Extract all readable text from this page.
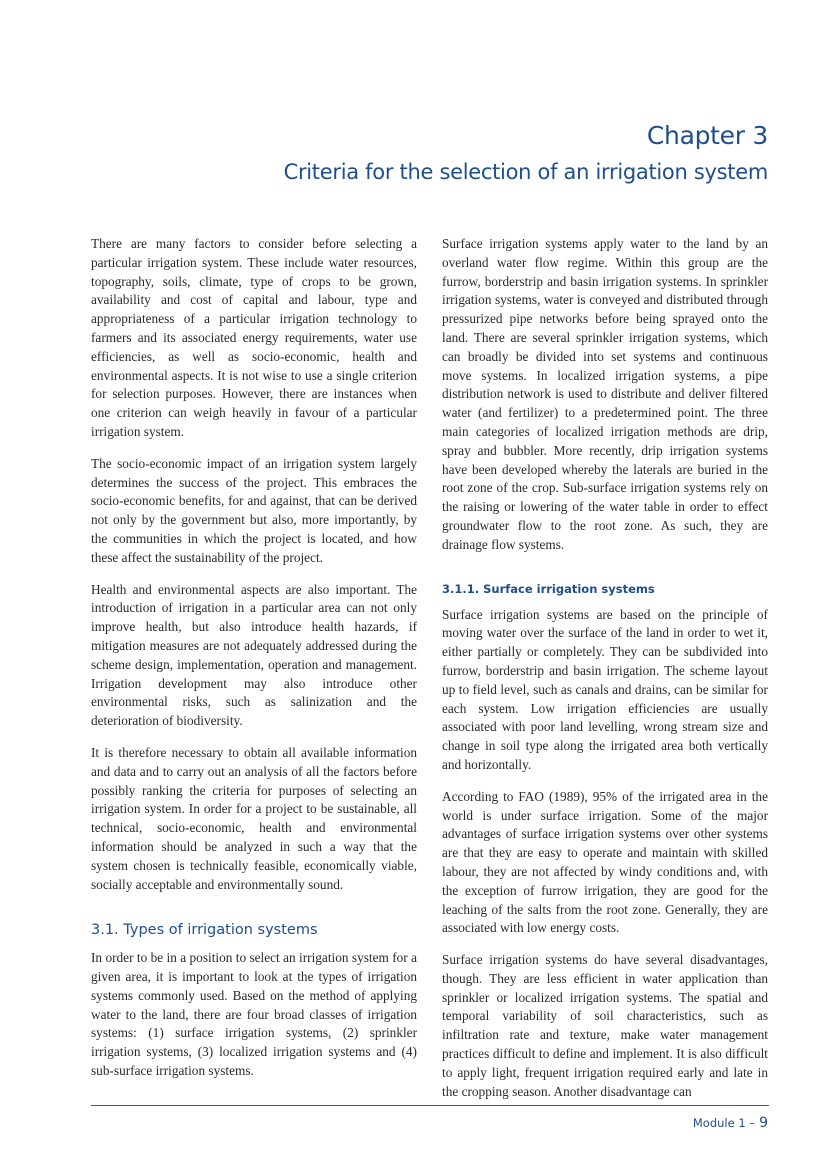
Chapter 3
Criteria for the selection of an irrigation system

There are many factors to consider before selecting a particular irrigation system. These include water resources, topography, soils, climate, type of crops to be grown, availability and cost of capital and labour, type and appropriateness of a particular irrigation technology to farmers and its associated energy requirements, water use efficiencies, as well as socio-economic, health and environmental aspects. It is not wise to use a single criterion for selection purposes. However, there are instances when one criterion can weigh heavily in favour of a particular irrigation system.

The socio-economic impact of an irrigation system largely determines the success of the project. This embraces the socio-economic benefits, for and against, that can be derived not only by the government but also, more importantly, by the communities in which the project is located, and how these affect the sustainability of the project.

Health and environmental aspects are also important. The introduction of irrigation in a particular area can not only improve health, but also introduce health hazards, if mitigation measures are not adequately addressed during the scheme design, implementation, operation and management. Irrigation development may also introduce other environmental risks, such as salinization and the deterioration of biodiversity.

It is therefore necessary to obtain all available information and data and to carry out an analysis of all the factors before possibly ranking the criteria for purposes of selecting an irrigation system. In order for a project to be sustainable, all technical, socio-economic, health and environmental information should be analyzed in such a way that the system chosen is technically feasible, economically viable, socially acceptable and environmentally sound.

3.1. Types of irrigation systems

In order to be in a position to select an irrigation system for a given area, it is important to look at the types of irrigation systems commonly used. Based on the method of applying water to the land, there are four broad classes of irrigation systems: (1) surface irrigation systems, (2) sprinkler irrigation systems, (3) localized irrigation systems and (4) sub-surface irrigation systems.

Surface irrigation systems apply water to the land by an overland water flow regime. Within this group are the furrow, borderstrip and basin irrigation systems. In sprinkler irrigation systems, water is conveyed and distributed through pressurized pipe networks before being sprayed onto the land. There are several sprinkler irrigation systems, which can broadly be divided into set systems and continuous move systems. In localized irrigation systems, a pipe distribution network is used to distribute and deliver filtered water (and fertilizer) to a predetermined point. The three main categories of localized irrigation methods are drip, spray and bubbler. More recently, drip irrigation systems have been developed whereby the laterals are buried in the root zone of the crop. Sub-surface irrigation systems rely on the raising or lowering of the water table in order to effect groundwater flow to the root zone. As such, they are drainage flow systems.

3.1.1. Surface irrigation systems

Surface irrigation systems are based on the principle of moving water over the surface of the land in order to wet it, either partially or completely. They can be subdivided into furrow, borderstrip and basin irrigation. The scheme layout up to field level, such as canals and drains, can be similar for each system. Low irrigation efficiencies are usually associated with poor land levelling, wrong stream size and change in soil type along the irrigated area both vertically and horizontally.

According to FAO (1989), 95% of the irrigated area in the world is under surface irrigation. Some of the major advantages of surface irrigation systems over other systems are that they are easy to operate and maintain with skilled labour, they are not affected by windy conditions and, with the exception of furrow irrigation, they are good for the leaching of the salts from the root zone. Generally, they are associated with low energy costs.

Surface irrigation systems do have several disadvantages, though. They are less efficient in water application than sprinkler or localized irrigation systems. The spatial and temporal variability of soil characteristics, such as infiltration rate and texture, make water management practices difficult to define and implement. It is also difficult to apply light, frequent irrigation required early and late in the cropping season. Another disadvantage can

Module 1 – 9
